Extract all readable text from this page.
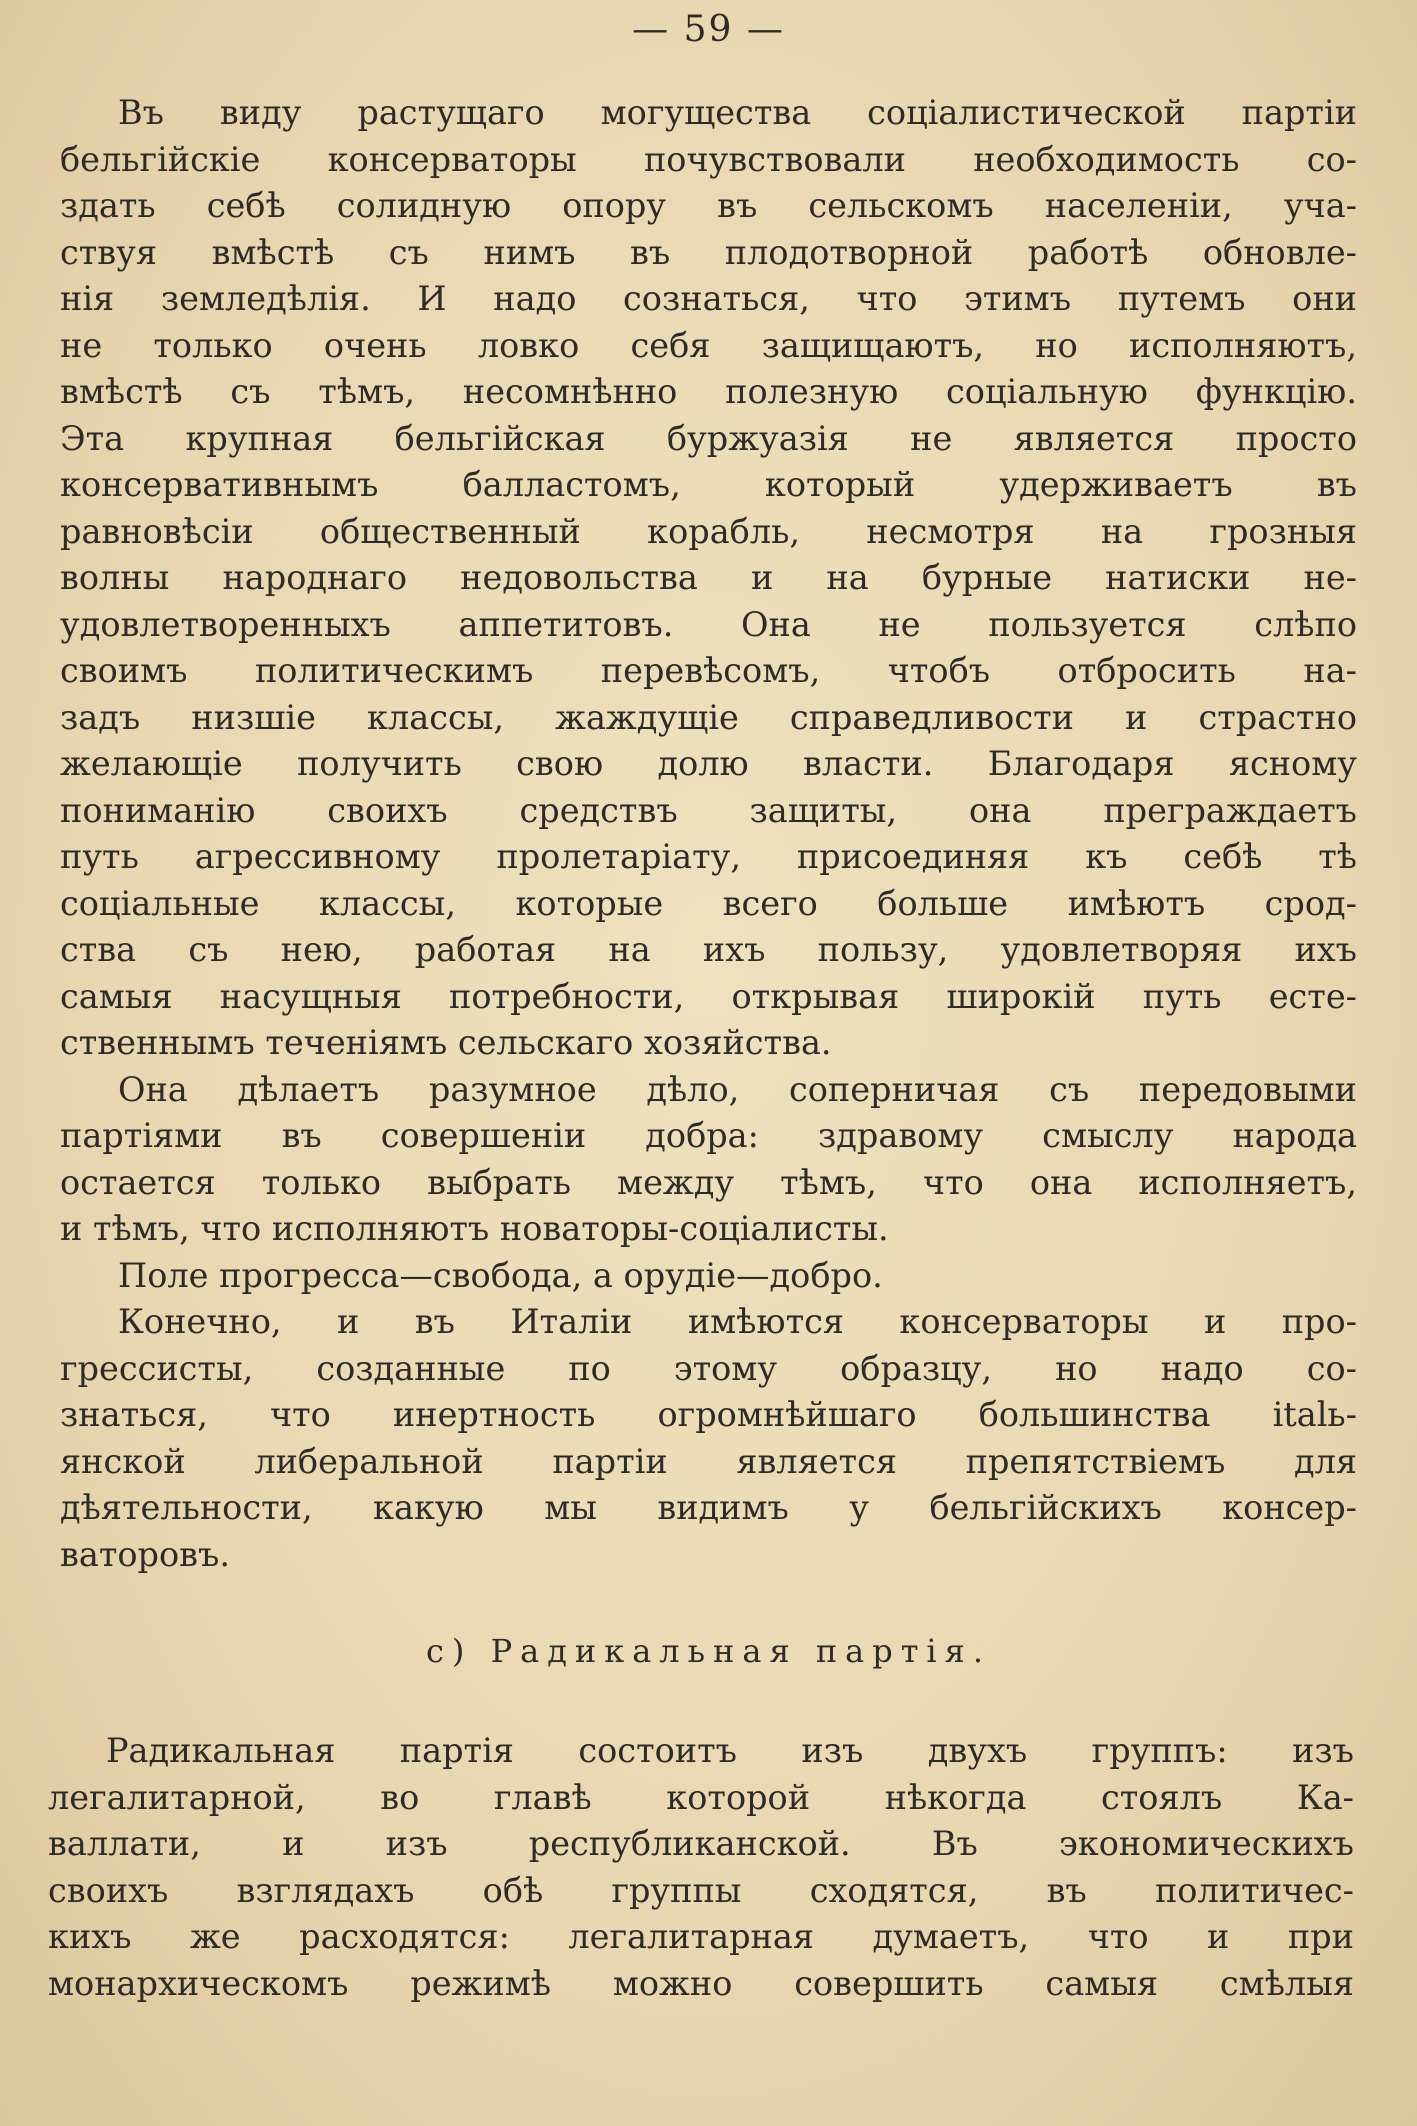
— 59 —

Въ виду растущаго могущества соціалистической партіи
бельгійскіе консерваторы почувствовали необходимость со-
здать себѣ солидную опору въ сельскомъ населеніи, уча-
ствуя вмѣстѣ съ нимъ въ плодотворной работѣ обновле-
нія земледѣлія. И надо сознаться, что этимъ путемъ они
не только очень ловко себя защищаютъ, но исполняютъ,
вмѣстѣ съ тѣмъ, несомнѣнно полезную соціальную функцію.
Эта крупная бельгійская буржуазія не является просто
консервативнымъ балластомъ, который удерживаетъ въ
равновѣсіи общественный корабль, несмотря на грозныя
волны народнаго недовольства и на бурные натиски не-
удовлетворенныхъ аппетитовъ. Она не пользуется слѣпо
своимъ политическимъ перевѣсомъ, чтобъ отбросить на-
задъ низшіе классы, жаждущіе справедливости и страстно
желающіе получить свою долю власти. Благодаря ясному
пониманію своихъ средствъ защиты, она преграждаетъ
путь агрессивному пролетаріату, присоединяя къ себѣ тѣ
соціальные классы, которые всего больше имѣютъ срод-
ства съ нею, работая на ихъ пользу, удовлетворяя ихъ
самыя насущныя потребности, открывая широкій путь есте-
ственнымъ теченіямъ сельскаго хозяйства.

Она дѣлаетъ разумное дѣло, соперничая съ передовыми
партіями въ совершеніи добра: здравому смыслу народа
остается только выбрать между тѣмъ, что она исполняетъ,
и тѣмъ, что исполняютъ новаторы-соціалисты.

Поле прогресса—свобода, а орудіе—добро.

Конечно, и въ Италіи имѣются консерваторы и про-
грессисты, созданные по этому образцу, но надо со-
знаться, что инертность огромнѣйшаго большинства italь-
янской либеральной партіи является препятствіемъ для
дѣятельности, какую мы видимъ у бельгійскихъ консер-
ваторовъ.

с) Радикальная партія.

Радикальная партія состоитъ изъ двухъ группъ: изъ
легалитарной, во главѣ которой нѣкогда стоялъ Ка-
валлати, и изъ республиканской. Въ экономическихъ
своихъ взглядахъ обѣ группы сходятся, въ политичес-
кихъ же расходятся: легалитарная думаетъ, что и при
монархическомъ режимѣ можно совершить самыя смѣлыя
